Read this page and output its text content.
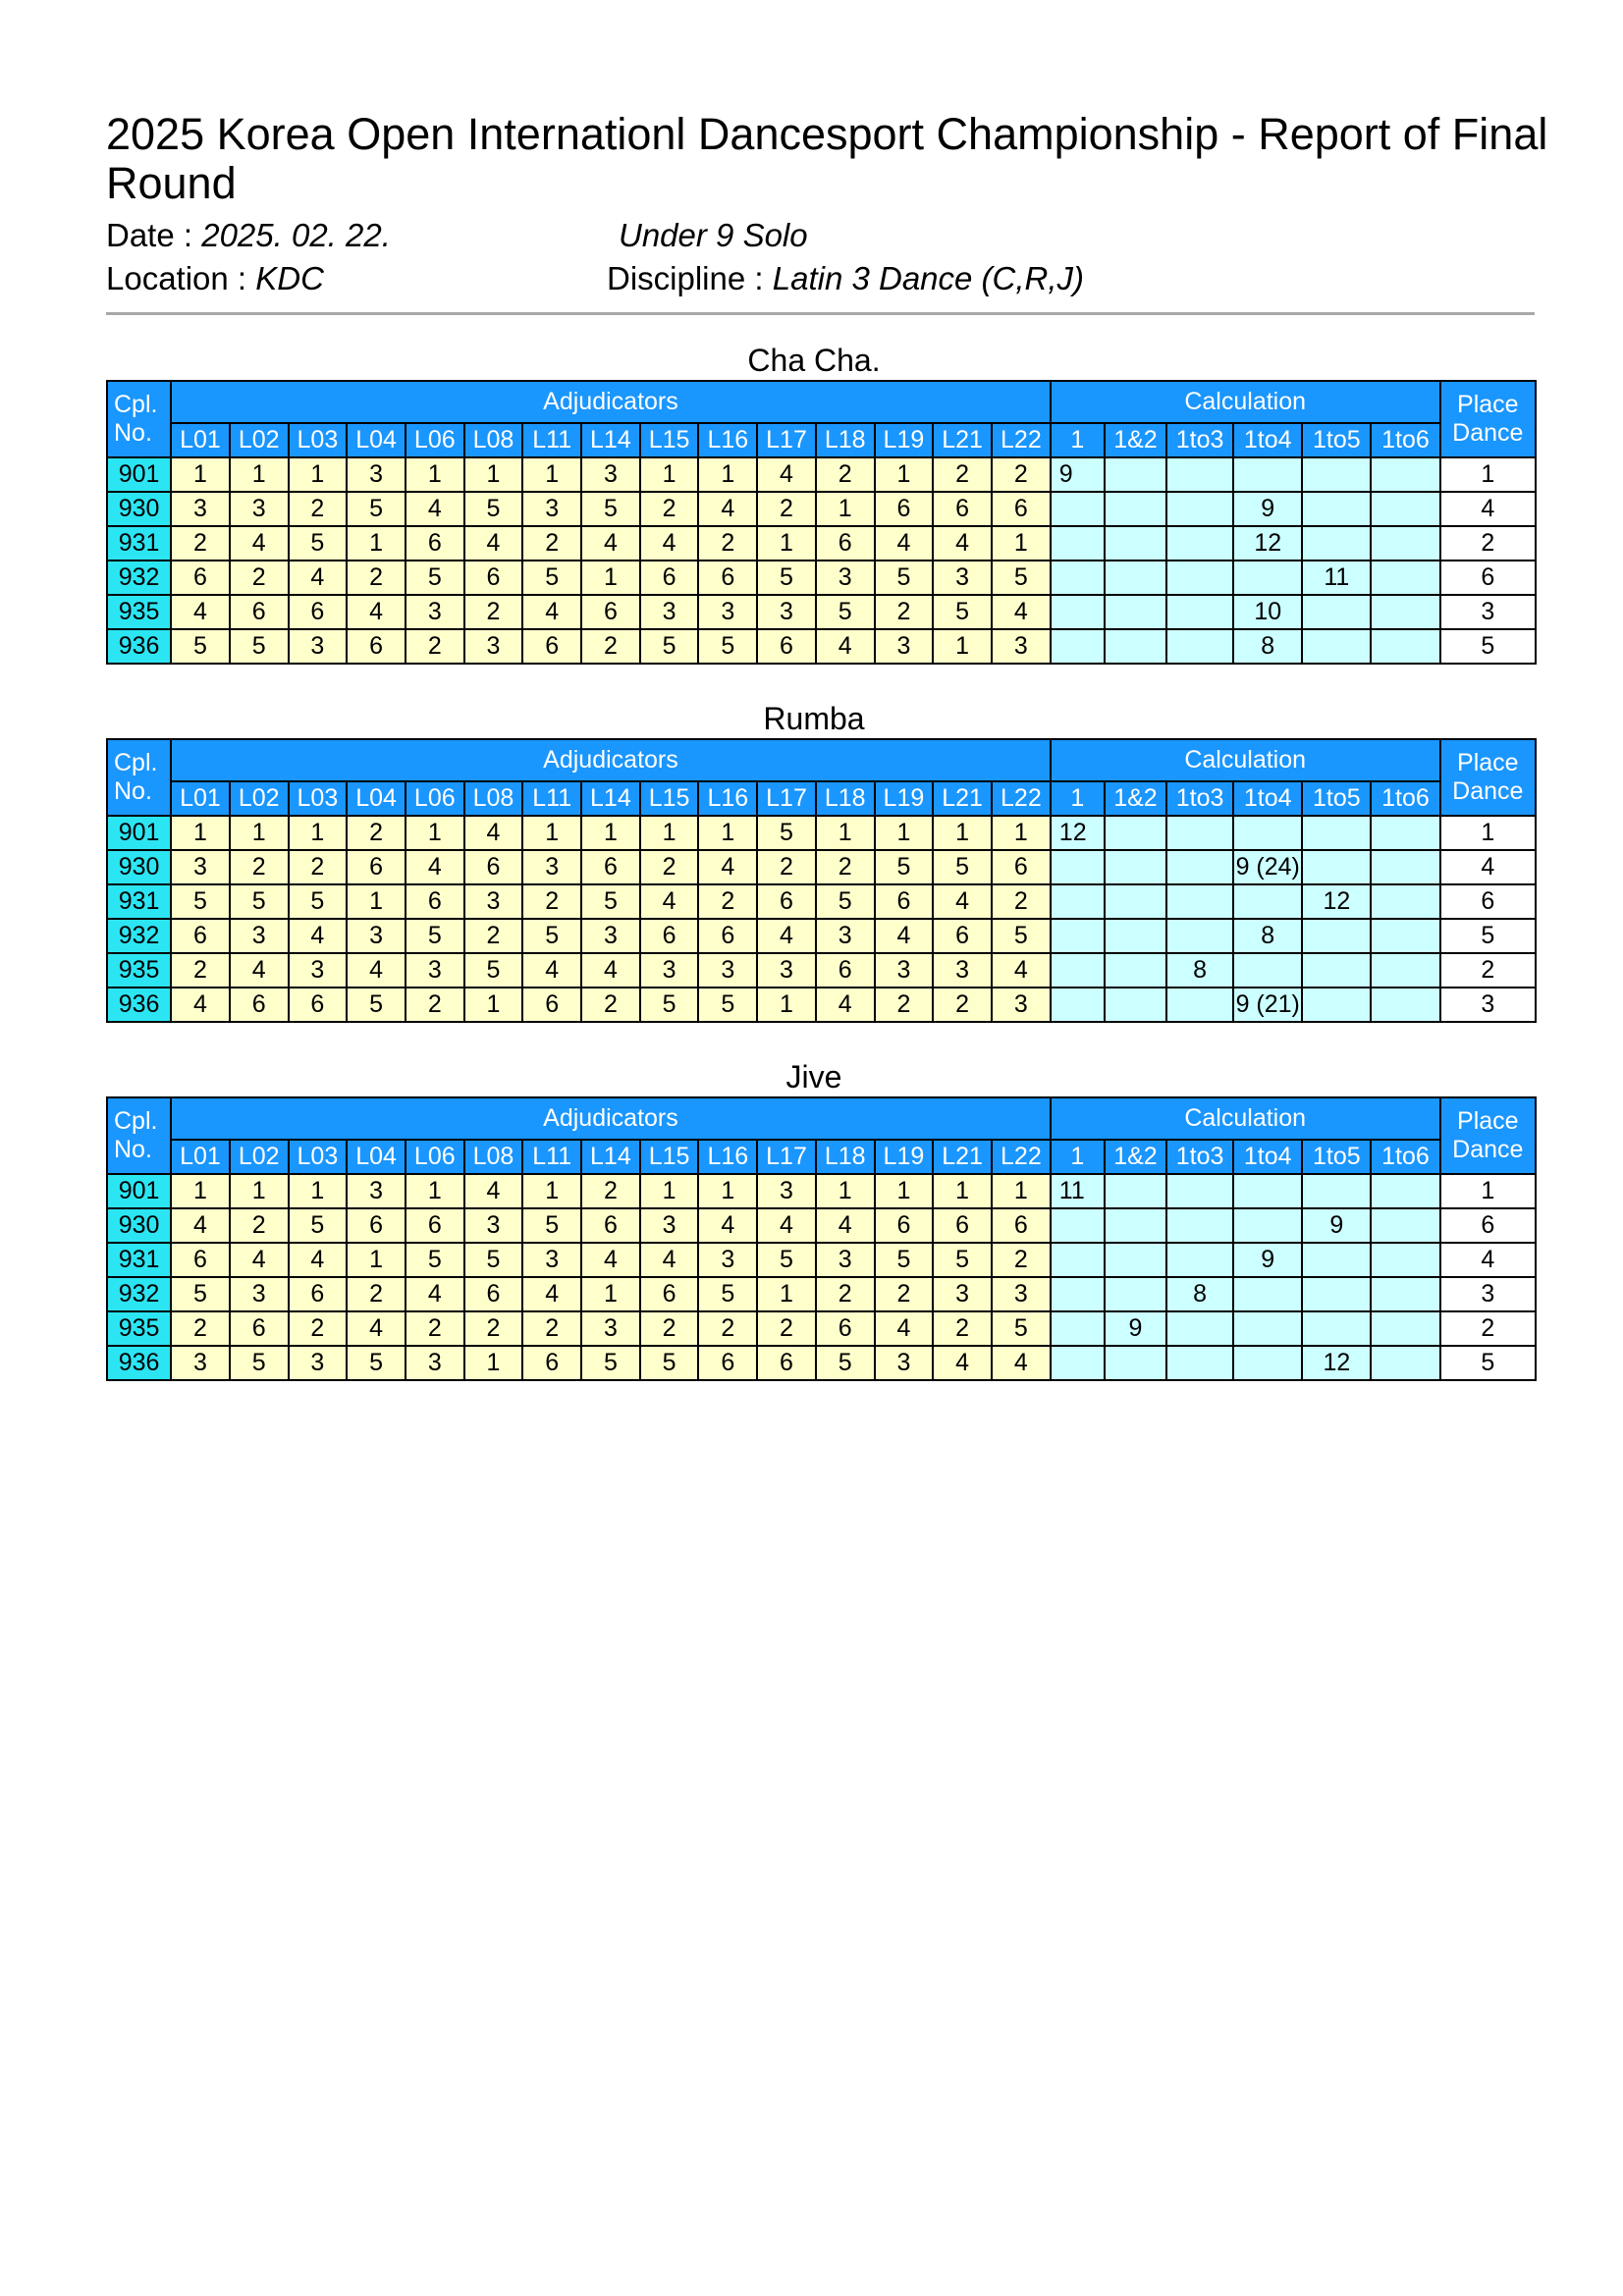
2025 Korea Open Internationl Dancesport Championship - Report of Final Round
Date : 2025. 02. 22.	Under 9 Solo
Location : KDC	Discipline : Latin 3 Dance (C,R,J)
Cha Cha.
Cpl.
No.	Adjudicators															Calculation						Place
Dance
	L01	L02	L03	L04	L06	L08	L11	L14	L15	L16	L17	L18	L19	L21	L22	1	1&2	1to3	1to4	1to5	1to6	
901	1	1	1	3	1	1	1	3	1	1	4	2	1	2	2	9						1
930	3	3	2	5	4	5	3	5	2	4	2	1	6	6	6				9			4
931	2	4	5	1	6	4	2	4	4	2	1	6	4	4	1				12			2
932	6	2	4	2	5	6	5	1	6	6	5	3	5	3	5					11		6
935	4	6	6	4	3	2	4	6	3	3	3	5	2	5	4				10			3
936	5	5	3	6	2	3	6	2	5	5	6	4	3	1	3				8			5
Rumba
Cpl.
No.	Adjudicators															Calculation						Place
Dance
	L01	L02	L03	L04	L06	L08	L11	L14	L15	L16	L17	L18	L19	L21	L22	1	1&2	1to3	1to4	1to5	1to6	
901	1	1	1	2	1	4	1	1	1	1	5	1	1	1	1	12						1
930	3	2	2	6	4	6	3	6	2	4	2	2	5	5	6				9 (24)			4
931	5	5	5	1	6	3	2	5	4	2	6	5	6	4	2					12		6
932	6	3	4	3	5	2	5	3	6	6	4	3	4	6	5				8			5
935	2	4	3	4	3	5	4	4	3	3	3	6	3	3	4			8				2
936	4	6	6	5	2	1	6	2	5	5	1	4	2	2	3				9 (21)			3
Jive
Cpl.
No.	Adjudicators															Calculation						Place
Dance
	L01	L02	L03	L04	L06	L08	L11	L14	L15	L16	L17	L18	L19	L21	L22	1	1&2	1to3	1to4	1to5	1to6	
901	1	1	1	3	1	4	1	2	1	1	3	1	1	1	1	11						1
930	4	2	5	6	6	3	5	6	3	4	4	4	6	6	6					9		6
931	6	4	4	1	5	5	3	4	4	3	5	3	5	5	2				9			4
932	5	3	6	2	4	6	4	1	6	5	1	2	2	3	3			8				3
935	2	6	2	4	2	2	2	3	2	2	2	6	4	2	5		9					2
936	3	5	3	5	3	1	6	5	5	6	6	5	3	4	4					12		5
